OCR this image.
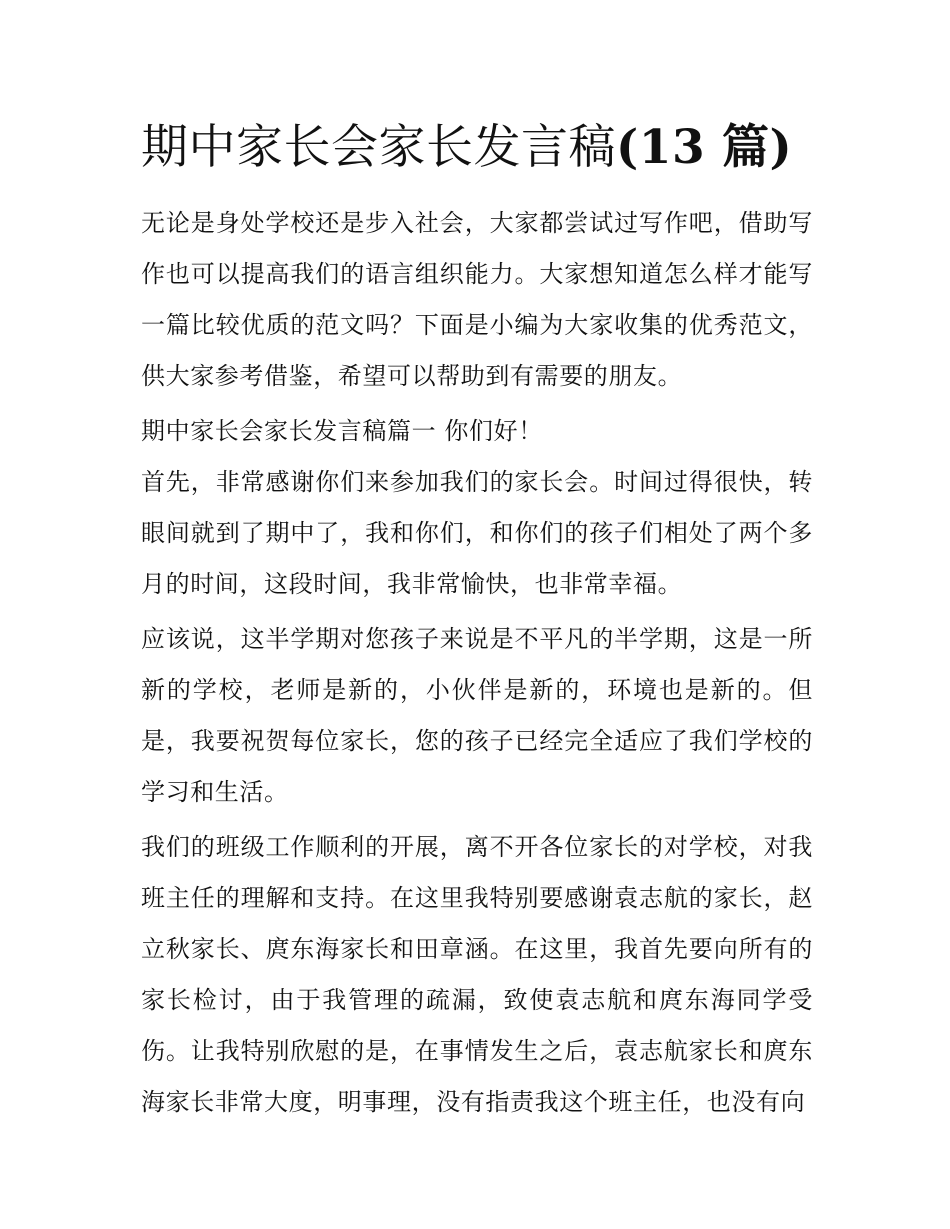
期中家长会家长发言稿(13 篇)

无论是身处学校还是步入社会，大家都尝试过写作吧，借助写作也可以提高我们的语言组织能力。大家想知道怎么样才能写一篇比较优质的范文吗？下面是小编为大家收集的优秀范文，供大家参考借鉴，希望可以帮助到有需要的朋友。

期中家长会家长发言稿篇一 你们好！

首先，非常感谢你们来参加我们的家长会。时间过得很快，转眼间就到了期中了，我和你们，和你们的孩子们相处了两个多月的时间，这段时间，我非常愉快，也非常幸福。

应该说，这半学期对您孩子来说是不平凡的半学期，这是一所新的学校，老师是新的，小伙伴是新的，环境也是新的。但是，我要祝贺每位家长，您的孩子已经完全适应了我们学校的学习和生活。

我们的班级工作顺利的开展，离不开各位家长的对学校，对我班主任的理解和支持。在这里我特别要感谢袁志航的家长，赵立秋家长、庹东海家长和田章涵。在这里，我首先要向所有的家长检讨，由于我管理的疏漏，致使袁志航和庹东海同学受伤。让我特别欣慰的是，在事情发生之后，袁志航家长和庹东海家长非常大度，明事理，没有指责我这个班主任，也没有向
